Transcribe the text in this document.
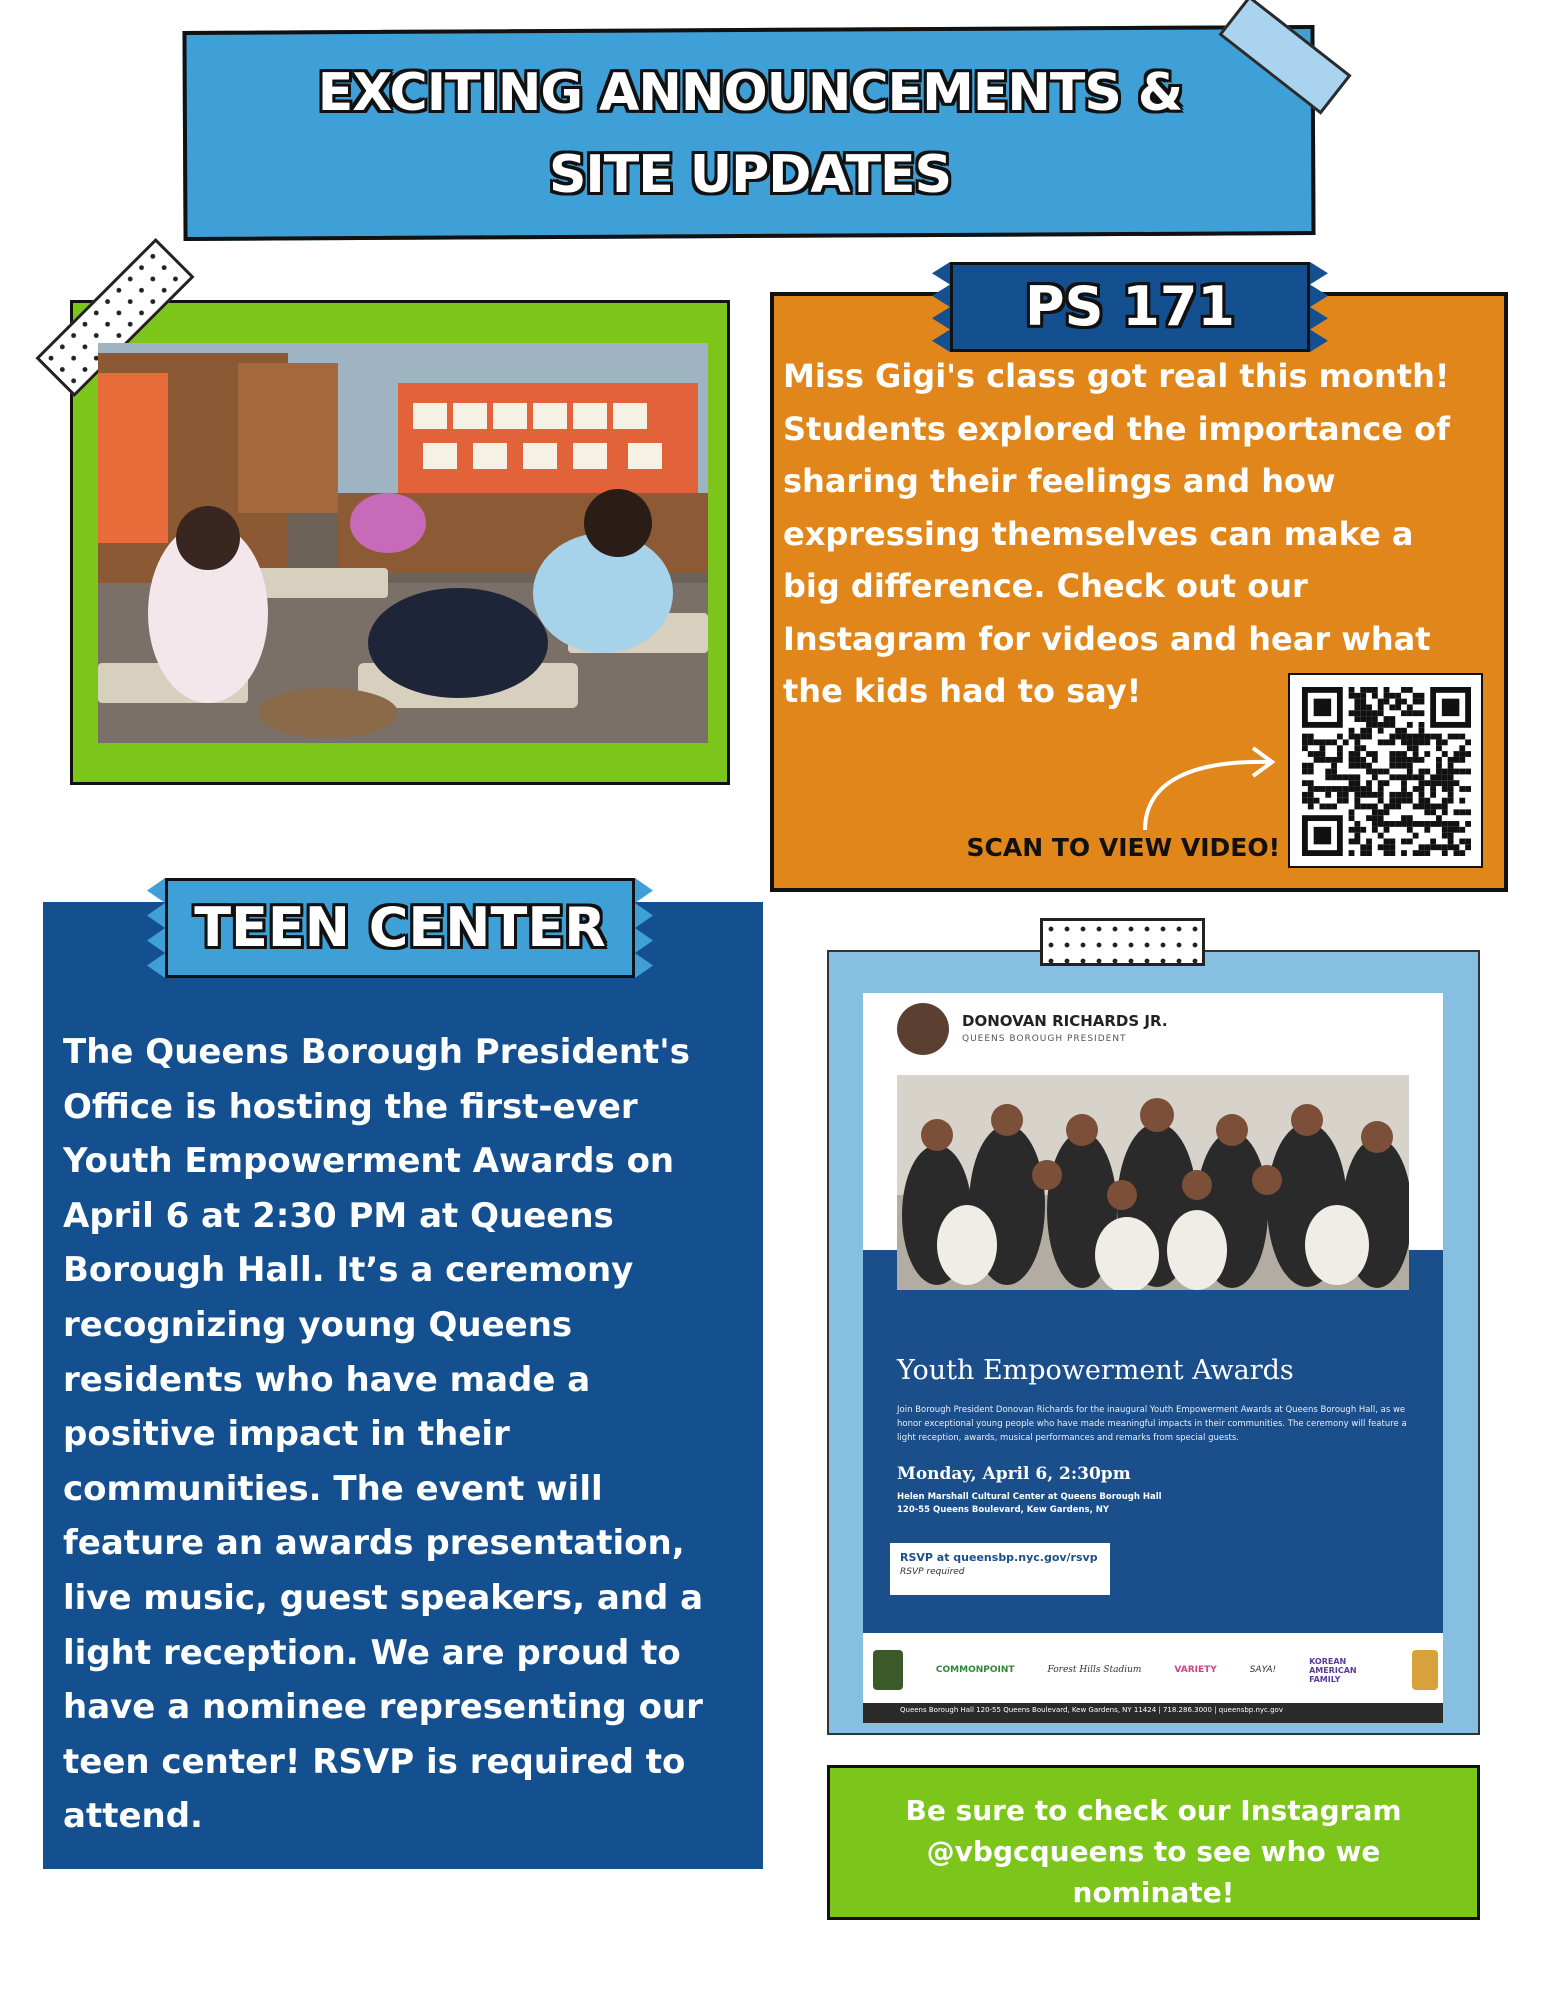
EXCITING ANNOUNCEMENTS &
SITE UPDATES
PS 171
Miss Gigi's class got real this month!
Students explored the importance of
sharing their feelings and how
expressing themselves can make a
big difference. Check out our
Instagram for videos and hear what
the kids had to say!
SCAN TO VIEW VIDEO!
TEEN CENTER
The Queens Borough President's
Office is hosting the first-ever
Youth Empowerment Awards on
April 6 at 2:30 PM at Queens
Borough Hall. It’s a ceremony
recognizing young Queens
residents who have made a
positive impact in their
communities. The event will
feature an awards presentation,
live music, guest speakers, and a
light reception. We are proud to
have a nominee representing our
teen center! RSVP is required to
attend.
DONOVAN RICHARDS JR.
QUEENS BOROUGH PRESIDENT
Youth Empowerment Awards
Join Borough President Donovan Richards for the inaugural Youth Empowerment Awards at Queens Borough Hall, as we honor exceptional young people who have made meaningful impacts in their communities. The ceremony will feature a light reception, awards, musical performances and remarks from special guests.
Monday, April 6, 2:30pm
Helen Marshall Cultural Center at Queens Borough Hall
120-55 Queens Boulevard, Kew Gardens, NY
RSVP at queensbp.nyc.gov/rsvp
RSVP required
COMMONPOINT	Forest Hills Stadium	VARIETY	SAYA!
KOREAN AMERICAN FAMILY
Queens Borough Hall 120-55 Queens Boulevard, Kew Gardens, NY 11424 | 718.286.3000 | queensbp.nyc.gov
Be sure to check our Instagram
@vbgcqueens to see who we nominate!
